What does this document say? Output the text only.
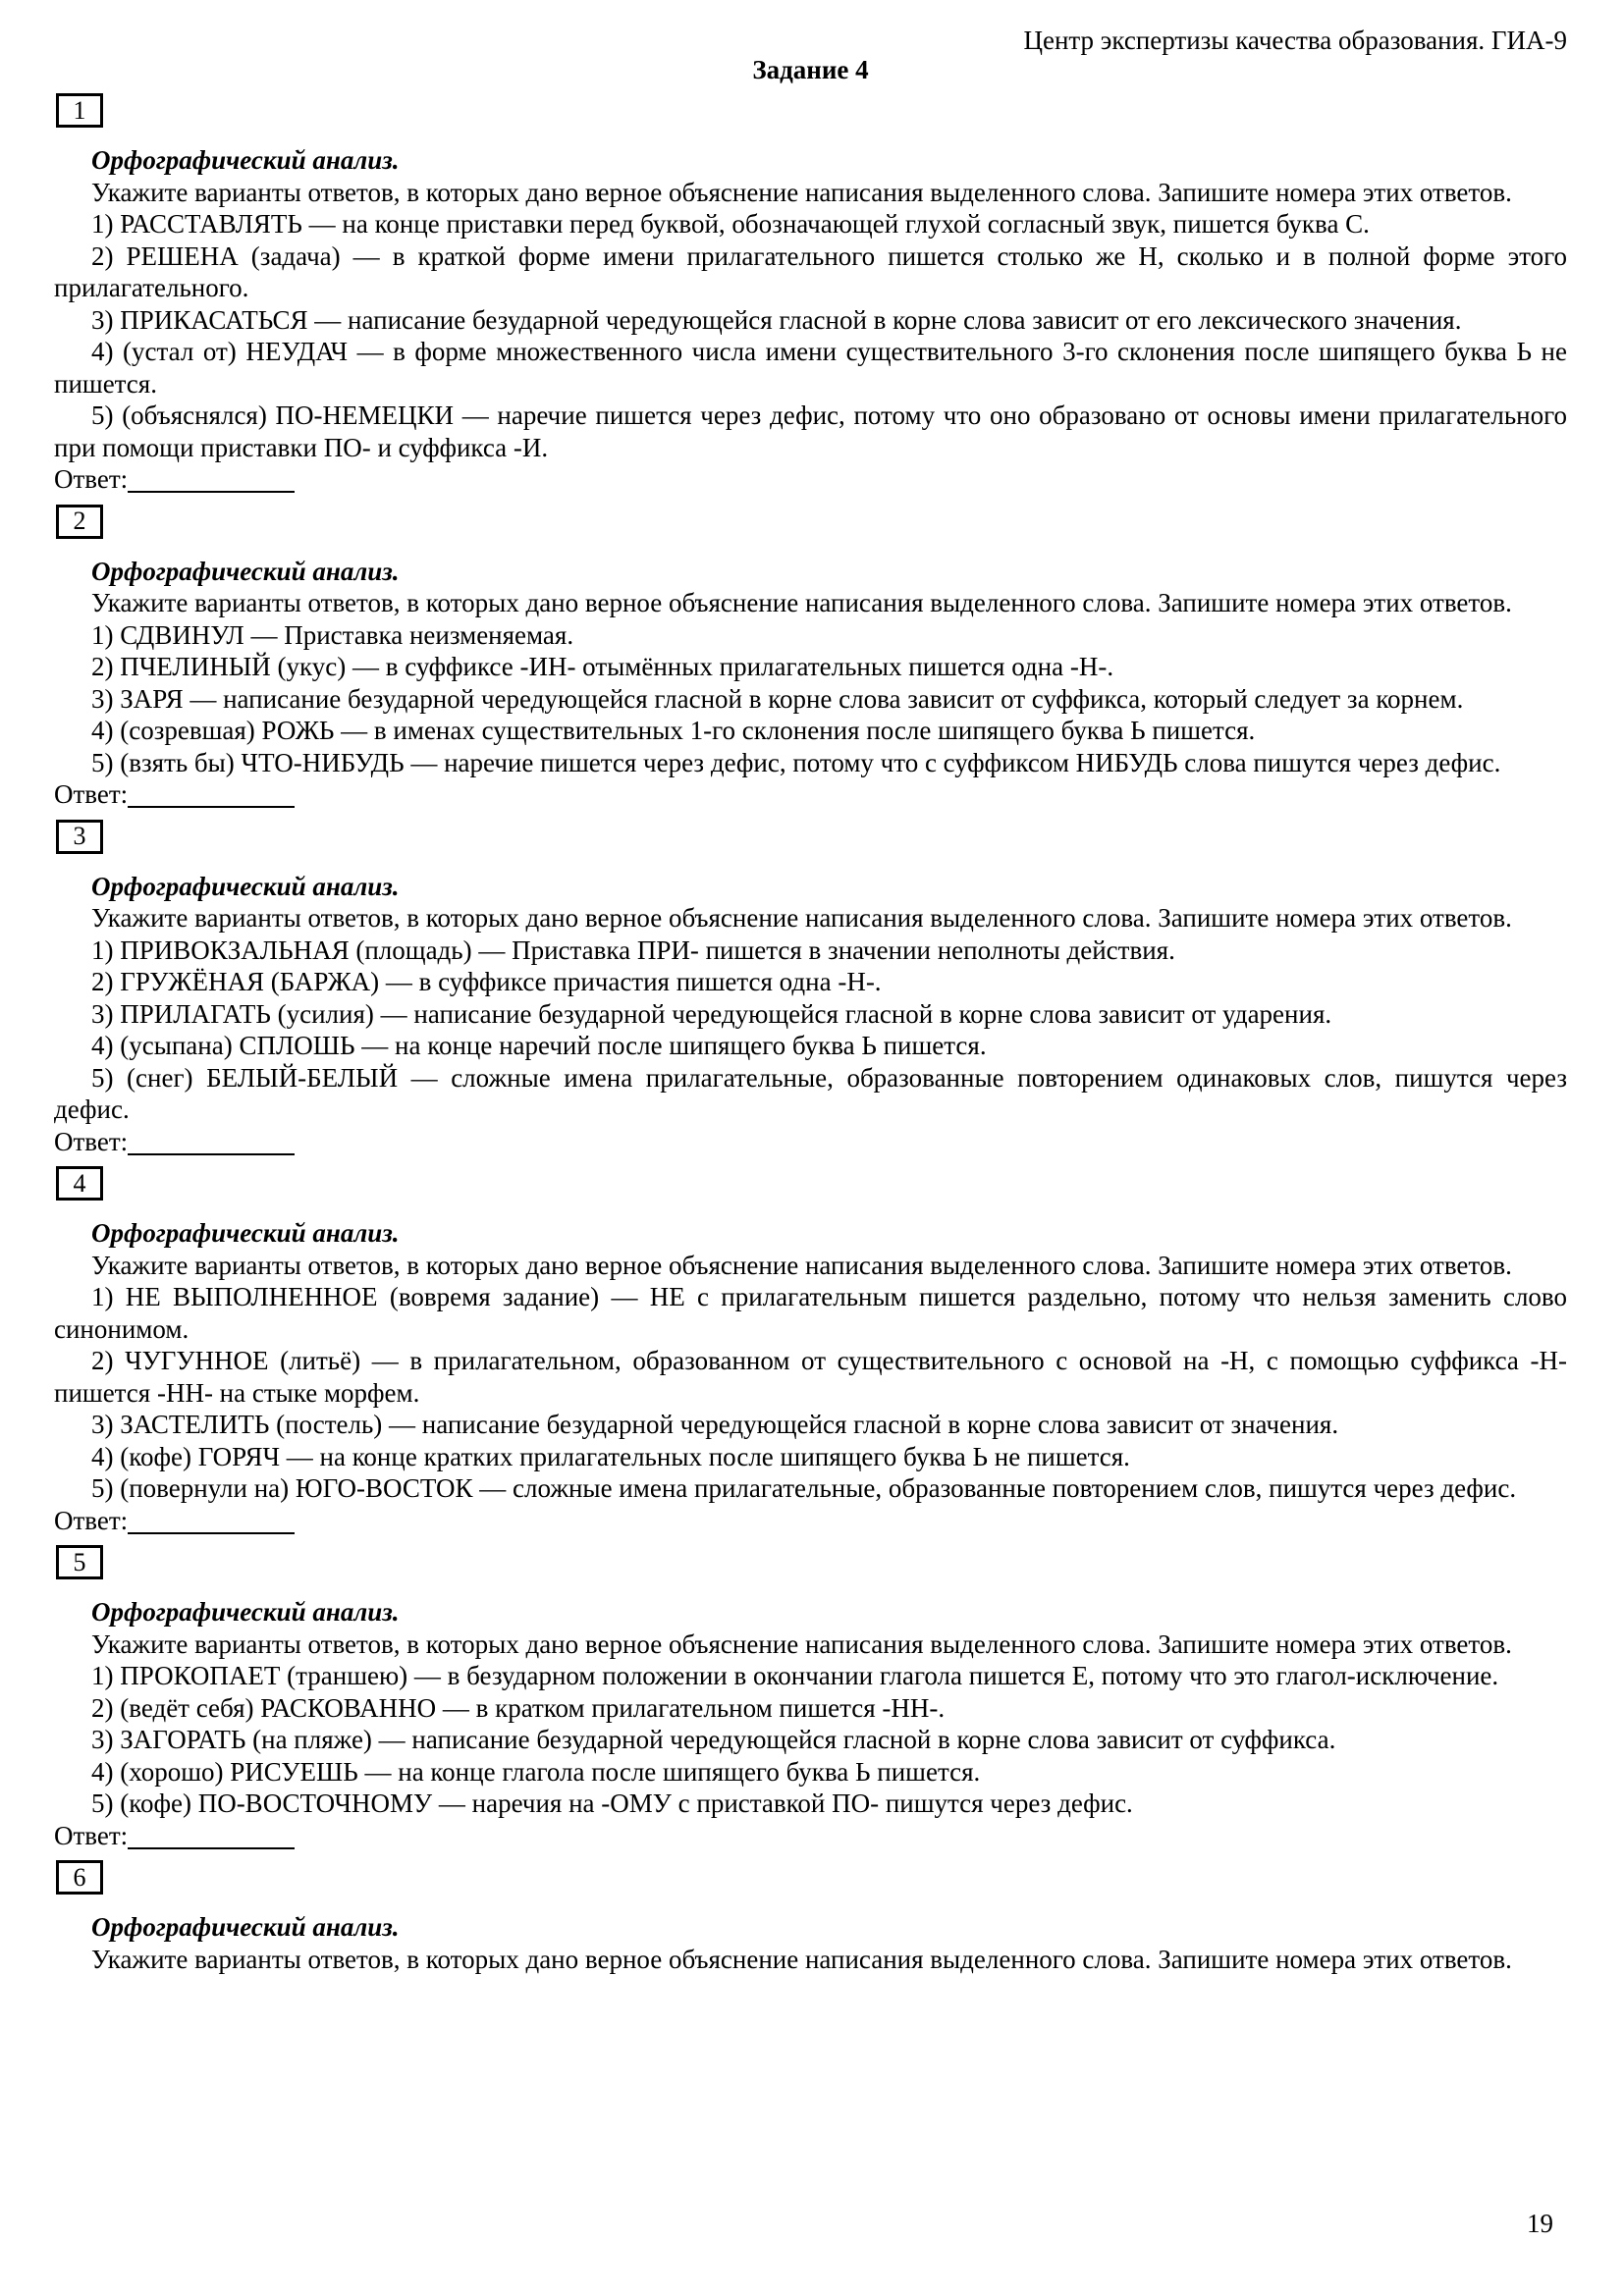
Центр экспертизы качества образования. ГИА-9

Задание 4

1

Орфографический анализ.

Укажите варианты ответов, в которых дано верное объяснение написания выделенного слова. Запишите номера этих ответов.

1) РАССТАВЛЯТЬ — на конце приставки перед буквой, обозначающей глухой согласный звук, пишется буква С.

2) РЕШЕНА (задача) — в краткой форме имени прилагательного пишется столько же Н, сколько и в полной форме этого прилагательного.

3) ПРИКАСАТЬСЯ — написание безударной чередующейся гласной в корне слова зависит от его лексического значения.

4) (устал от) НЕУДАЧ — в форме множественного числа имени существительного 3-го склонения после шипящего буква Ь не пишется.

5) (объяснялся) ПО-НЕМЕЦКИ — наречие пишется через дефис, потому что оно образовано от основы имени прилагательного при помощи приставки ПО- и суффикса -И.

Ответ:

2

Орфографический анализ.

Укажите варианты ответов, в которых дано верное объяснение написания выделенного слова. Запишите номера этих ответов.

1) СДВИНУЛ — Приставка неизменяемая.

2) ПЧЕЛИНЫЙ (укус) — в суффиксе -ИН- отымённых прилагательных пишется одна -Н-.

3) ЗАРЯ — написание безударной чередующейся гласной в корне слова зависит от суффикса, который следует за корнем.

4) (созревшая) РОЖЬ — в именах существительных 1-го склонения после шипящего буква Ь пишется.

5) (взять бы) ЧТО-НИБУДЬ — наречие пишется через дефис, потому что с суффиксом НИБУДЬ слова пишутся через дефис.

Ответ:

3

Орфографический анализ.

Укажите варианты ответов, в которых дано верное объяснение написания выделенного слова. Запишите номера этих ответов.

1) ПРИВОКЗАЛЬНАЯ (площадь) — Приставка ПРИ- пишется в значении неполноты действия.

2) ГРУЖЁНАЯ (БАРЖА) — в суффиксе причастия пишется одна -Н-.

3) ПРИЛАГАТЬ (усилия) — написание безударной чередующейся гласной в корне слова зависит от ударения.

4) (усыпана) СПЛОШЬ — на конце наречий после шипящего буква Ь пишется.

5) (снег) БЕЛЫЙ-БЕЛЫЙ — сложные имена прилагательные, образованные повторением одинаковых слов, пишутся через дефис.

Ответ:

4

Орфографический анализ.

Укажите варианты ответов, в которых дано верное объяснение написания выделенного слова. Запишите номера этих ответов.

1) НЕ ВЫПОЛНЕННОЕ (вовремя задание) — НЕ с прилагательным пишется раздельно, потому что нельзя заменить слово синонимом.

2) ЧУГУННОЕ (литьё) — в прилагательном, образованном от существительного с основой на -Н, с помощью суффикса -Н- пишется -НН- на стыке морфем.

3) ЗАСТЕЛИТЬ (постель) — написание безударной чередующейся гласной в корне слова зависит от значения.

4) (кофе) ГОРЯЧ — на конце кратких прилагательных после шипящего буква Ь не пишется.

5) (повернули на) ЮГО-ВОСТОК — сложные имена прилагательные, образованные повторением слов, пишутся через дефис.

Ответ:

5

Орфографический анализ.

Укажите варианты ответов, в которых дано верное объяснение написания выделенного слова. Запишите номера этих ответов.

1) ПРОКОПАЕТ (траншею) — в безударном положении в окончании глагола пишется Е, потому что это глагол-исключение.

2) (ведёт себя) РАСКОВАННО — в кратком прилагательном пишется -НН-.

3) ЗАГОРАТЬ (на пляже) — написание безударной чередующейся гласной в корне слова зависит от суффикса.

4) (хорошо) РИСУЕШЬ — на конце глагола после шипящего буква Ь пишется.

5) (кофе) ПО-ВОСТОЧНОМУ — наречия на -ОМУ с приставкой ПО- пишутся через дефис.

Ответ:

6

Орфографический анализ.

Укажите варианты ответов, в которых дано верное объяснение написания выделенного слова. Запишите номера этих ответов.

19
